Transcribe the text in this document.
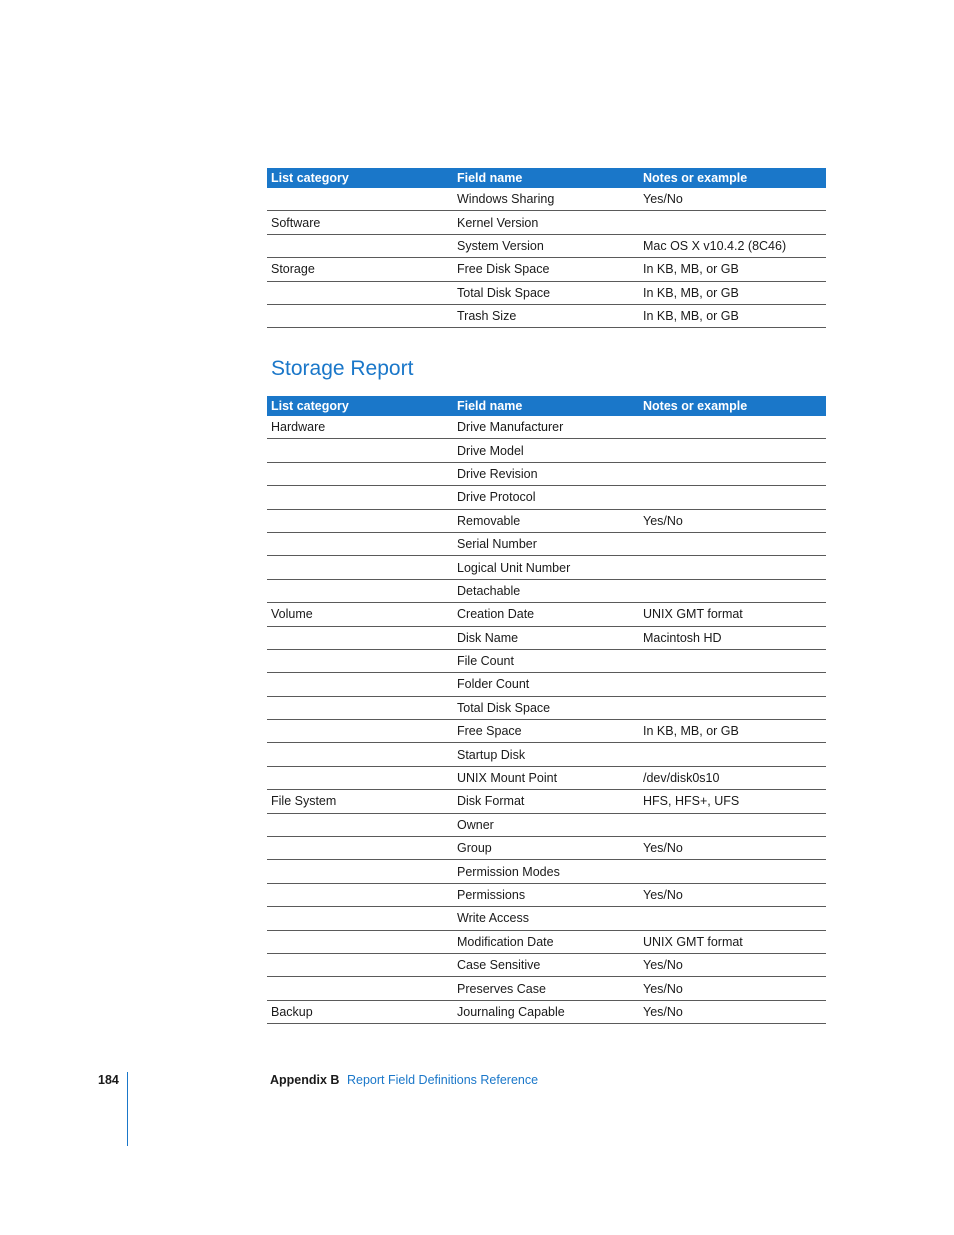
List category	Field name	Notes or example
	Windows Sharing	Yes/No
Software	Kernel Version	
	System Version	Mac OS X v10.4.2 (8C46)
Storage	Free Disk Space	In KB, MB, or GB
	Total Disk Space	In KB, MB, or GB
	Trash Size	In KB, MB, or GB
Storage Report
List category	Field name	Notes or example
Hardware	Drive Manufacturer	
	Drive Model	
	Drive Revision	
	Drive Protocol	
	Removable	Yes/No
	Serial Number	
	Logical Unit Number	
	Detachable	
Volume	Creation Date	UNIX GMT format
	Disk Name	Macintosh HD
	File Count	
	Folder Count	
	Total Disk Space	
	Free Space	In KB, MB, or GB
	Startup Disk	
	UNIX Mount Point	/dev/disk0s10
File System	Disk Format	HFS, HFS+, UFS
	Owner	
	Group	Yes/No
	Permission Modes	
	Permissions	Yes/No
	Write Access	
	Modification Date	UNIX GMT format
	Case Sensitive	Yes/No
	Preserves Case	Yes/No
Backup	Journaling Capable	Yes/No
184	Appendix B Report Field Definitions Reference
